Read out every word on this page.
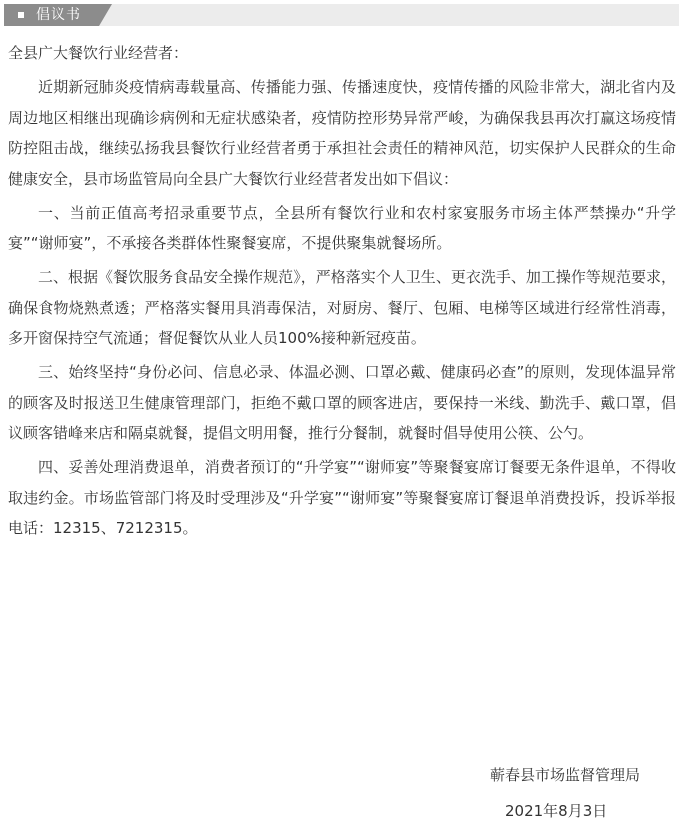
倡议书

全县广大餐饮行业经营者：

近期新冠肺炎疫情病毒载量高、传播能力强、传播速度快，疫情传播的风险非常大，湖北省内及周边地区相继出现确诊病例和无症状感染者，疫情防控形势异常严峻，为确保我县再次打赢这场疫情防控阻击战，继续弘扬我县餐饮行业经营者勇于承担社会责任的精神风范，切实保护人民群众的生命健康安全，县市场监管局向全县广大餐饮行业经营者发出如下倡议：

一、当前正值高考招录重要节点，全县所有餐饮行业和农村家宴服务市场主体严禁操办“升学宴”“谢师宴”，不承接各类群体性聚餐宴席，不提供聚集就餐场所。

二、根据《餐饮服务食品安全操作规范》，严格落实个人卫生、更衣洗手、加工操作等规范要求，确保食物烧熟煮透；严格落实餐用具消毒保洁，对厨房、餐厅、包厢、电梯等区域进行经常性消毒，多开窗保持空气流通；督促餐饮从业人员100%接种新冠疫苗。

三、始终坚持“身份必问、信息必录、体温必测、口罩必戴、健康码必查”的原则，发现体温异常的顾客及时报送卫生健康管理部门，拒绝不戴口罩的顾客进店，要保持一米线、勤洗手、戴口罩，倡议顾客错峰来店和隔桌就餐，提倡文明用餐，推行分餐制，就餐时倡导使用公筷、公勺。

四、妥善处理消费退单，消费者预订的“升学宴”“谢师宴”等聚餐宴席订餐要无条件退单，不得收取违约金。市场监管部门将及时受理涉及“升学宴”“谢师宴”等聚餐宴席订餐退单消费投诉，投诉举报电话：12315、7212315。

蕲春县市场监督管理局
2021年8月3日
